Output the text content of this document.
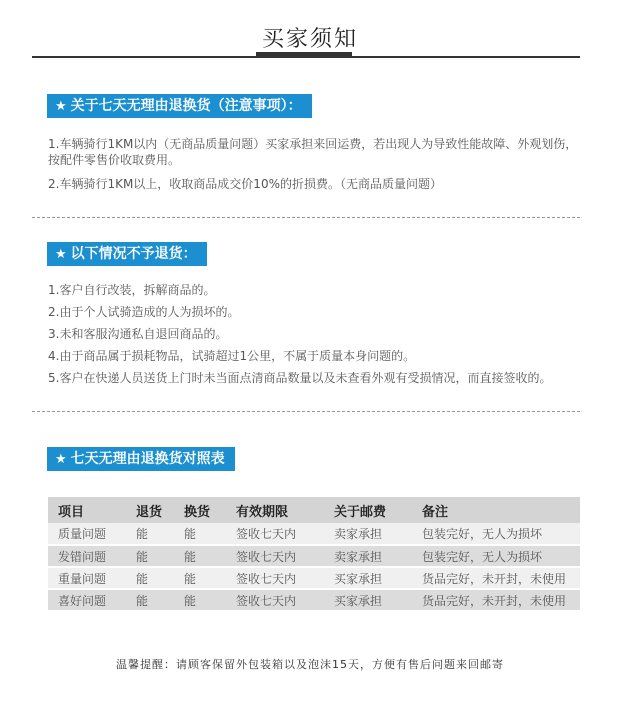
买家须知
★ 关于七天无理由退换货（注意事项）：
1.车辆骑行1KM以内（无商品质量问题）买家承担来回运费，若出现人为导致性能故障、外观划伤，按配件零售价收取费用。
2.车辆骑行1KM以上，收取商品成交价10%的折损费。（无商品质量问题）
★ 以下情况不予退货：
1.客户自行改装，拆解商品的。
2.由于个人试骑造成的人为损坏的。
3.未和客服沟通私自退回商品的。
4.由于商品属于损耗物品，试骑超过1公里，不属于质量本身问题的。
5.客户在快递人员送货上门时未当面点清商品数量以及未查看外观有受损情况，而直接签收的。
★ 七天无理由退换货对照表
项目	退货	换货	有效期限	关于邮费	备注
质量问题	能	能	签收七天内	卖家承担	包装完好，无人为损坏
发错问题	能	能	签收七天内	卖家承担	包装完好，无人为损坏
重量问题	能	能	签收七天内	买家承担	货品完好，未开封，未使用
喜好问题	能	能	签收七天内	买家承担	货品完好，未开封，未使用
温馨提醒：请顾客保留外包装箱以及泡沫15天，方便有售后问题来回邮寄
